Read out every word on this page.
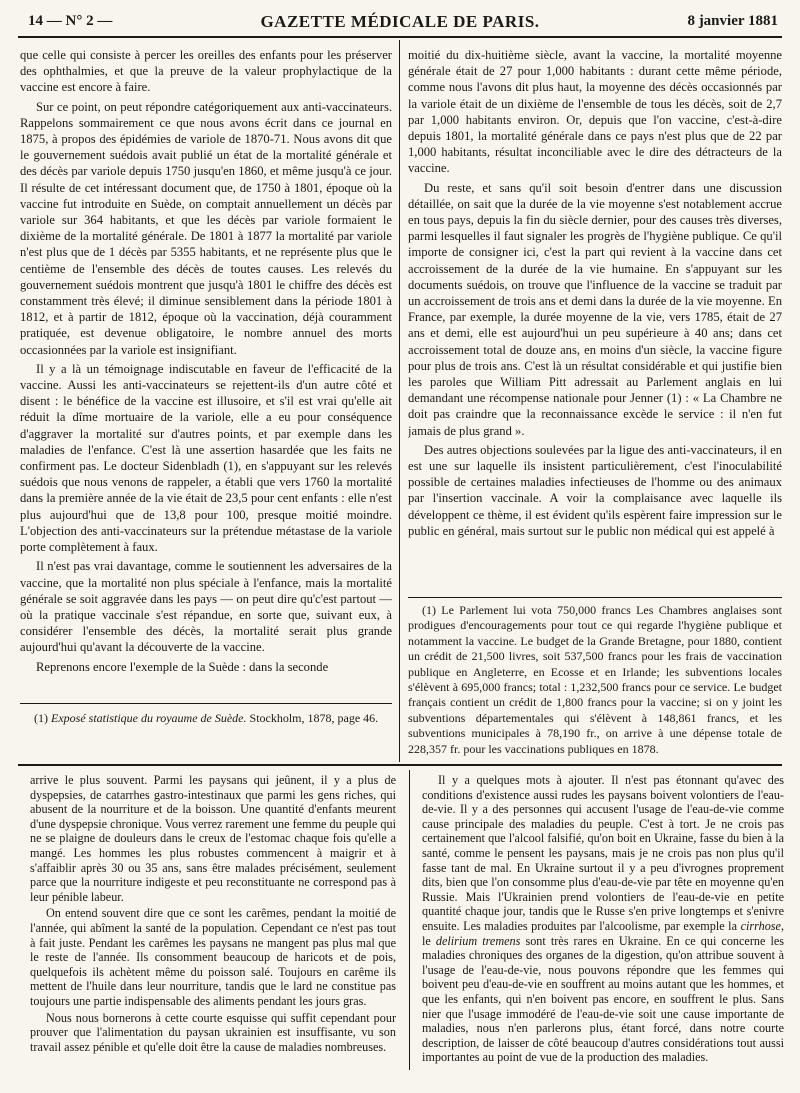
14 — N° 2 —	GAZETTE MÉDICALE DE PARIS.	8 janvier 1881

que celle qui consiste à percer les oreilles des enfants pour les préserver des ophthalmies, et que la preuve de la valeur prophylactique de la vaccine est encore à faire.

Sur ce point, on peut répondre catégoriquement aux anti-vaccinateurs. Rappelons sommairement ce que nous avons écrit dans ce journal en 1875, à propos des épidémies de variole de 1870-71. Nous avons dit que le gouvernement suédois avait publié un état de la mortalité générale et des décès par variole depuis 1750 jusqu'en 1860, et même jusqu'à ce jour. Il résulte de cet intéressant document que, de 1750 à 1801, époque où la vaccine fut introduite en Suède, on comptait annuellement un décès par variole sur 364 habitants, et que les décès par variole formaient le dixième de la mortalité générale. De 1801 à 1877 la mortalité par variole n'est plus que de 1 décès par 5355 habitants, et ne représente plus que le centième de l'ensemble des décès de toutes causes. Les relevés du gouvernement suédois montrent que jusqu'à 1801 le chiffre des décès est constamment très élevé; il diminue sensiblement dans la période 1801 à 1812, et à partir de 1812, époque où la vaccination, déjà couramment pratiquée, est devenue obligatoire, le nombre annuel des morts occasionnées par la variole est insignifiant.

Il y a là un témoignage indiscutable en faveur de l'efficacité de la vaccine. Aussi les anti-vaccinateurs se rejettent-ils d'un autre côté et disent : le bénéfice de la vaccine est illusoire, et s'il est vrai qu'elle ait réduit la dîme mortuaire de la variole, elle a eu pour conséquence d'aggraver la mortalité sur d'autres points, et par exemple dans les maladies de l'enfance. C'est là une assertion hasardée que les faits ne confirment pas. Le docteur Sidenbladh (1), en s'appuyant sur les relevés suédois que nous venons de rappeler, a établi que vers 1760 la mortalité dans la première année de la vie était de 23,5 pour cent enfants : elle n'est plus aujourd'hui que de 13,8 pour 100, presque moitié moindre. L'objection des anti-vaccinateurs sur la prétendue métastase de la variole porte complètement à faux.

Il n'est pas vrai davantage, comme le soutiennent les adversaires de la vaccine, que la mortalité non plus spéciale à l'enfance, mais la mortalité générale se soit aggravée dans les pays — on peut dire qu'c'est partout — où la pratique vaccinale s'est répandue, en sorte que, suivant eux, à considérer l'ensemble des décès, la mortalité serait plus grande aujourd'hui qu'avant la découverte de la vaccine.

Reprenons encore l'exemple de la Suède : dans la seconde

(1) Exposé statistique du royaume de Suède. Stockholm, 1878, page 46.

moitié du dix-huitième siècle, avant la vaccine, la mortalité moyenne générale était de 27 pour 1,000 habitants : durant cette même période, comme nous l'avons dit plus haut, la moyenne des décès occasionnés par la variole était de un dixième de l'ensemble de tous les décès, soit de 2,7 par 1,000 habitants environ. Or, depuis que l'on vaccine, c'est-à-dire depuis 1801, la mortalité générale dans ce pays n'est plus que de 22 par 1,000 habitants, résultat inconciliable avec le dire des détracteurs de la vaccine.

Du reste, et sans qu'il soit besoin d'entrer dans une discussion détaillée, on sait que la durée de la vie moyenne s'est notablement accrue en tous pays, depuis la fin du siècle dernier, pour des causes très diverses, parmi lesquelles il faut signaler les progrès de l'hygiène publique. Ce qu'il importe de consigner ici, c'est la part qui revient à la vaccine dans cet accroissement de la durée de la vie humaine. En s'appuyant sur les documents suédois, on trouve que l'influence de la vaccine se traduit par un accroissement de trois ans et demi dans la durée de la vie moyenne. En France, par exemple, la durée moyenne de la vie, vers 1785, était de 27 ans et demi, elle est aujourd'hui un peu supérieure à 40 ans; dans cet accroissement total de douze ans, en moins d'un siècle, la vaccine figure pour plus de trois ans. C'est là un résultat considérable et qui justifie bien les paroles que William Pitt adressait au Parlement anglais en lui demandant une récompense nationale pour Jenner (1) : « La Chambre ne doit pas craindre que la reconnaissance excède le service : il n'en fut jamais de plus grand ».

Des autres objections soulevées par la ligue des anti-vaccinateurs, il en est une sur laquelle ils insistent particulièrement, c'est l'inoculabilité possible de certaines maladies infectieuses de l'homme ou des animaux par l'insertion vaccinale. A voir la complaisance avec laquelle ils développent ce thème, il est évident qu'ils espèrent faire impression sur le public en général, mais surtout sur le public non médical qui est appelé à

(1) Le Parlement lui vota 750,000 francs Les Chambres anglaises sont prodigues d'encouragements pour tout ce qui regarde l'hygiène publique et notamment la vaccine. Le budget de la Grande Bretagne, pour 1880, contient un crédit de 21,500 livres, soit 537,500 francs pour les frais de vaccination publique en Angleterre, en Ecosse et en Irlande; les subventions locales s'élèvent à 695,000 francs; total : 1,232,500 francs pour ce service. Le budget français contient un crédit de 1,800 francs pour la vaccine; si on y joint les subventions départementales qui s'élèvent à 148,861 francs, et les subventions municipales à 78,190 fr., on arrive à une dépense totale de 228,357 fr. pour les vaccinations publiques en 1878.

arrive le plus souvent. Parmi les paysans qui jeûnent, il y a plus de dyspepsies, de catarrhes gastro-intestinaux que parmi les gens riches, qui abusent de la nourriture et de la boisson. Une quantité d'enfants meurent d'une dyspepsie chronique. Vous verrez rarement une femme du peuple qui ne se plaigne de douleurs dans le creux de l'estomac chaque fois qu'elle a mangé. Les hommes les plus robustes commencent à maigrir et à s'affaiblir après 30 ou 35 ans, sans être malades précisément, seulement parce que la nourriture indigeste et peu reconstituante ne correspond pas à leur pénible labeur.

On entend souvent dire que ce sont les carêmes, pendant la moitié de l'année, qui abîment la santé de la population. Cependant ce n'est pas tout à fait juste. Pendant les carêmes les paysans ne mangent pas plus mal que le reste de l'année. Ils consomment beaucoup de haricots et de pois, quelquefois ils achètent même du poisson salé. Toujours en carême ils mettent de l'huile dans leur nourriture, tandis que le lard ne constitue pas toujours une partie indispensable des aliments pendant les jours gras.

Nous nous bornerons à cette courte esquisse qui suffit cependant pour prouver que l'alimentation du paysan ukrainien est insuffisante, vu son travail assez pénible et qu'elle doit être la cause de maladies nombreuses.

Il y a quelques mots à ajouter. Il n'est pas étonnant qu'avec des conditions d'existence aussi rudes les paysans boivent volontiers de l'eau-de-vie. Il y a des personnes qui accusent l'usage de l'eau-de-vie comme cause principale des maladies du peuple. C'est à tort. Je ne crois pas certainement que l'alcool falsifié, qu'on boit en Ukraine, fasse du bien à la santé, comme le pensent les paysans, mais je ne crois pas non plus qu'il fasse tant de mal. En Ukraine surtout il y a peu d'ivrognes proprement dits, bien que l'on consomme plus d'eau-de-vie par tête en moyenne qu'en Russie. Mais l'Ukrainien prend volontiers de l'eau-de-vie en petite quantité chaque jour, tandis que le Russe s'en prive longtemps et s'enivre ensuite. Les maladies produites par l'alcoolisme, par exemple la cirrhose, le delirium tremens sont très rares en Ukraine. En ce qui concerne les maladies chroniques des organes de la digestion, qu'on attribue souvent à l'usage de l'eau-de-vie, nous pouvons répondre que les femmes qui boivent peu d'eau-de-vie en souffrent au moins autant que les hommes, et que les enfants, qui n'en boivent pas encore, en souffrent le plus. Sans nier que l'usage immodéré de l'eau-de-vie soit une cause importante de maladies, nous n'en parlerons plus, étant forcé, dans notre courte description, de laisser de côté beaucoup d'autres considérations tout aussi importantes au point de vue de la production des maladies.
